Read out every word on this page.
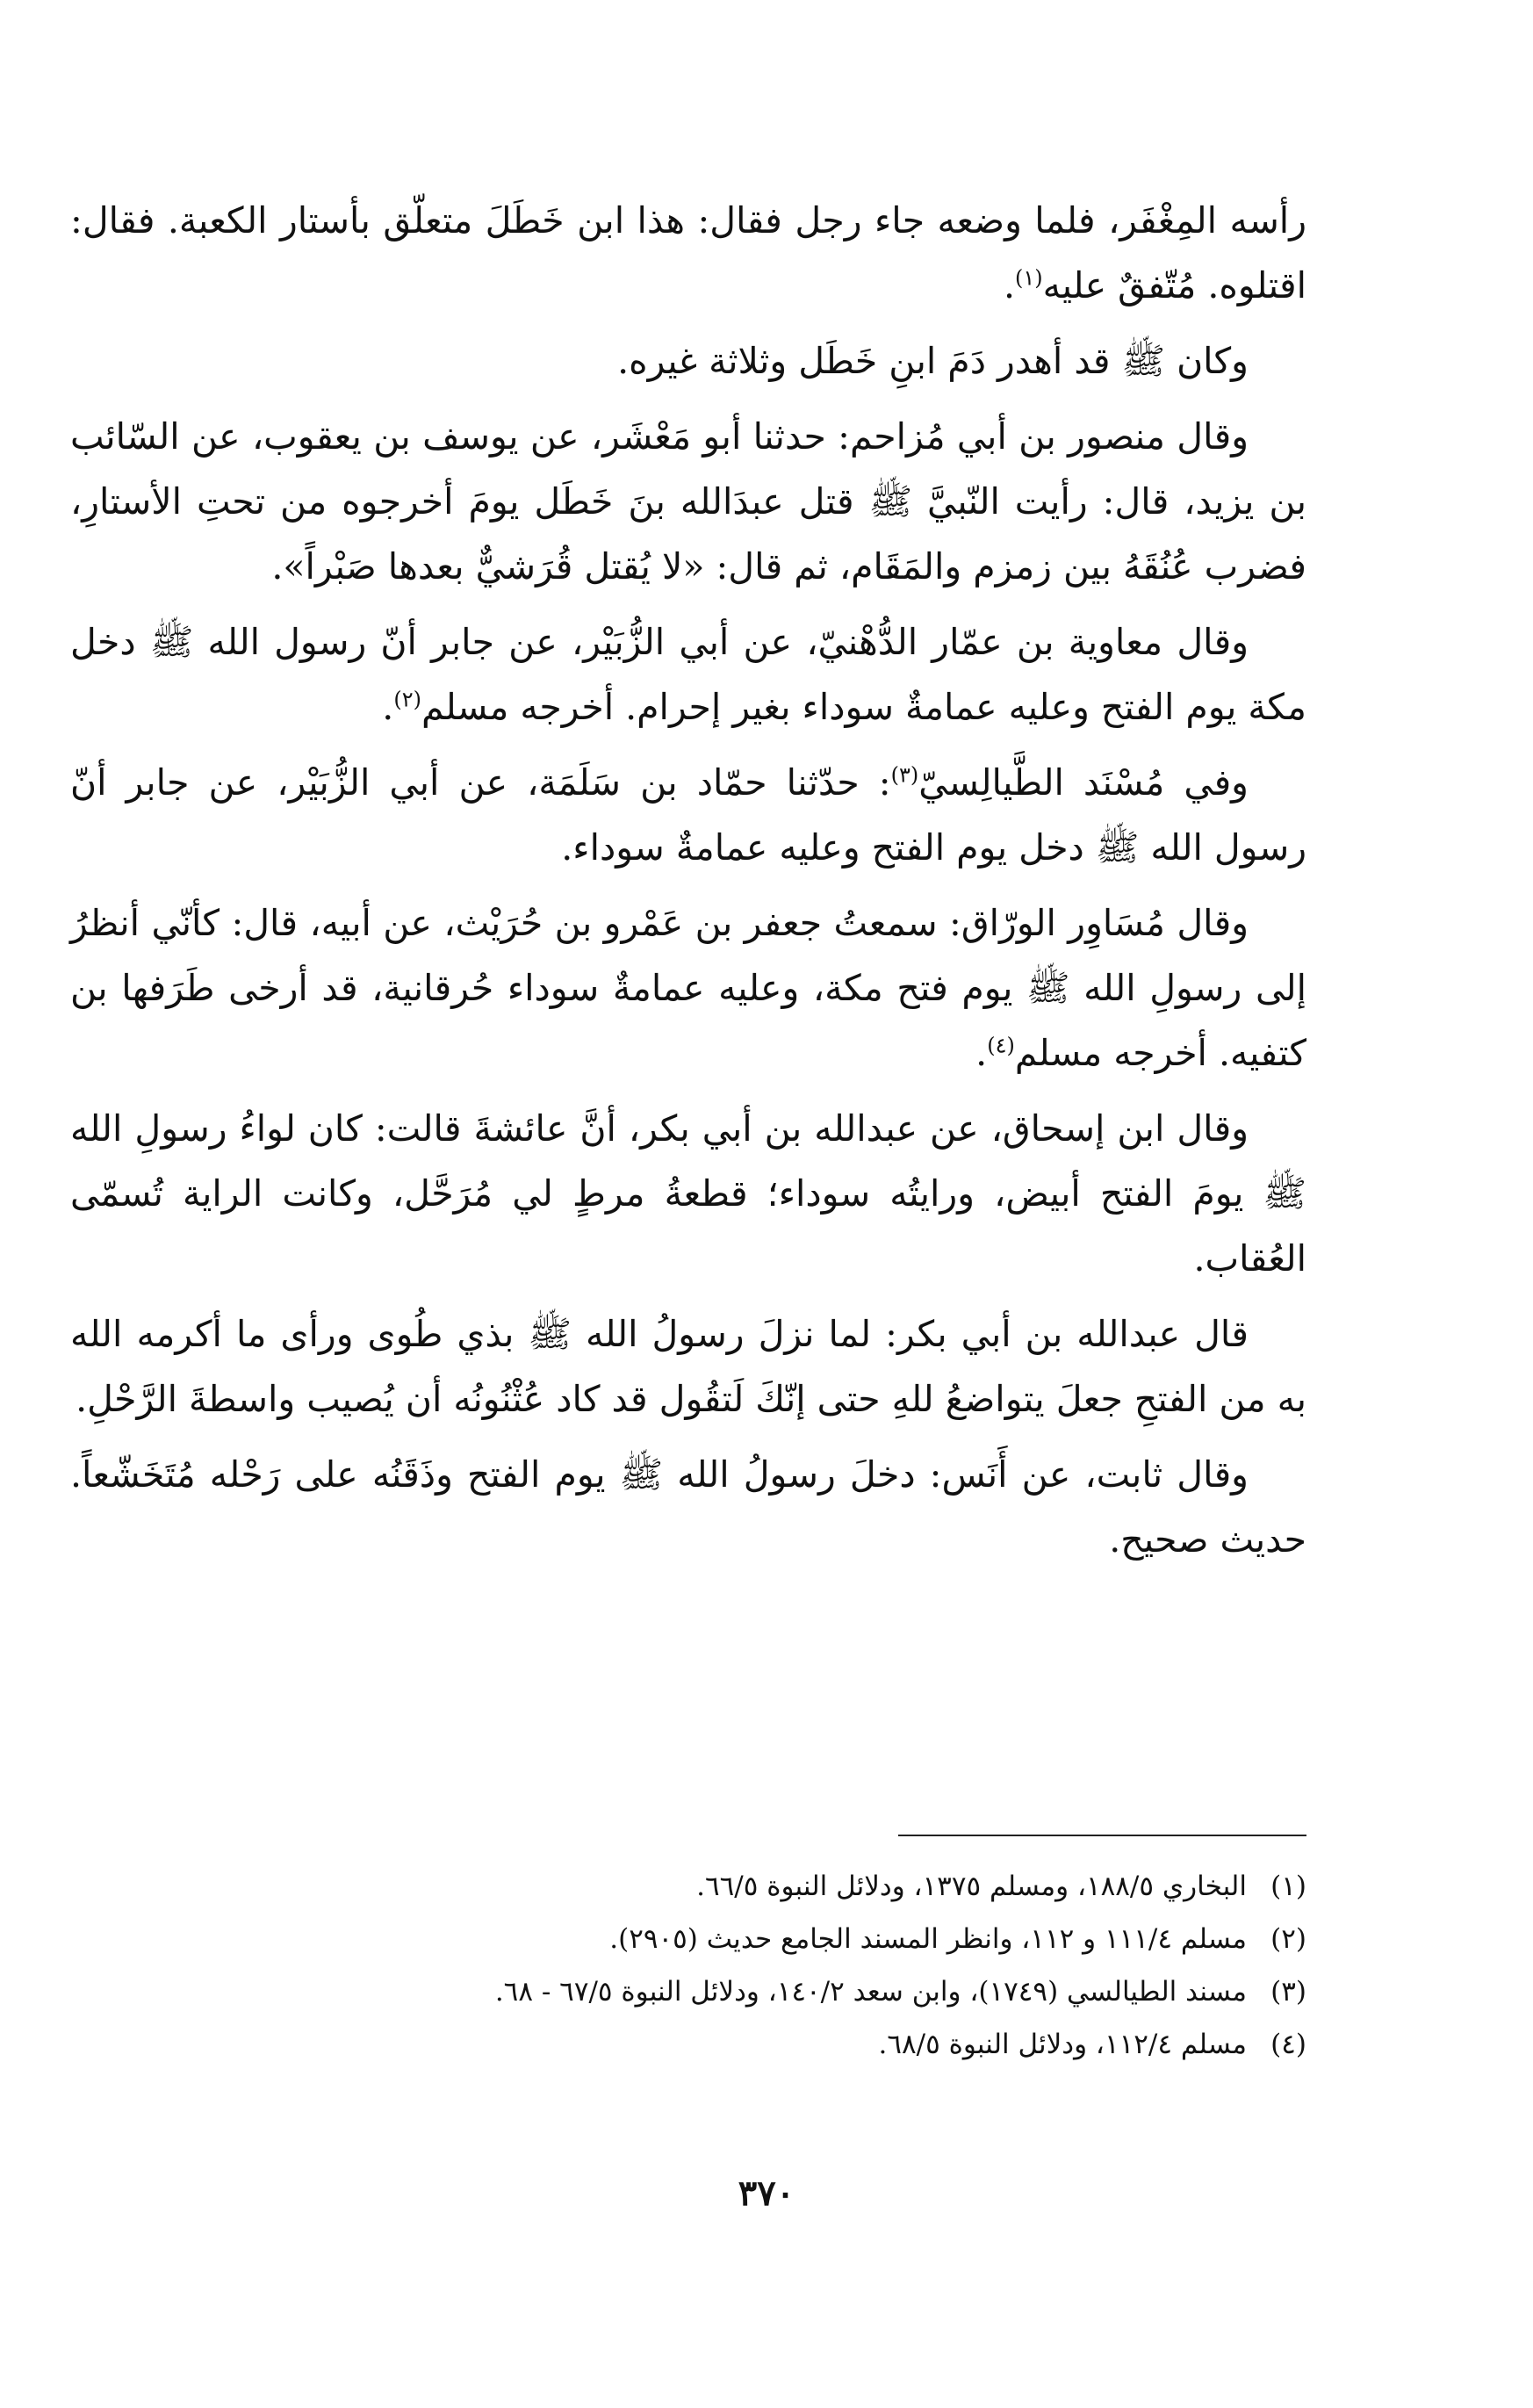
رأسه المِغْفَر، فلما وضعه جاء رجل فقال: هذا ابن خَطَلَ متعلّق بأستار الكعبة. فقال: اقتلوه. مُتّفقٌ عليه$^{(١)}$.

وكان ﷺ قد أهدر دَمَ ابنِ خَطَل وثلاثة غيره.

وقال منصور بن أبي مُزاحم: حدثنا أبو مَعْشَر، عن يوسف بن يعقوب، عن السّائب بن يزيد، قال: رأيت النّبيَّ ﷺ قتل عبدَالله بنَ خَطَل يومَ أخرجوه من تحتِ الأستارِ، فضرب عُنُقَهُ بين زمزم والمَقَام، ثم قال: «لا يُقتل قُرَشيٌّ بعدها صَبْراً».

وقال معاوية بن عمّار الدُّهْنيّ، عن أبي الزُّبَيْر، عن جابر أنّ رسول الله ﷺ دخل مكة يوم الفتح وعليه عمامةٌ سوداء بغير إحرام. أخرجه مسلم$^{(٢)}$.

وفي مُسْنَد الطَّيالِسيّ$^{(٣)}$: حدّثنا حمّاد بن سَلَمَة، عن أبي الزُّبَيْر، عن جابر أنّ رسول الله ﷺ دخل يوم الفتح وعليه عمامةٌ سوداء.

وقال مُسَاوِر الورّاق: سمعتُ جعفر بن عَمْرو بن حُرَيْث، عن أبيه، قال: كأنّي أنظرُ إلى رسولِ الله ﷺ يوم فتح مكة، وعليه عمامةٌ سوداء حُرقانية، قد أرخى طَرَفها بن كتفيه. أخرجه مسلم$^{(٤)}$.

وقال ابن إسحاق، عن عبدالله بن أبي بكر، أنَّ عائشةَ قالت: كان لواءُ رسولِ الله ﷺ يومَ الفتح أبيض، ورايتُه سوداء؛ قطعةُ مرطٍ لي مُرَحَّل، وكانت الراية تُسمّى العُقاب.

قال عبدالله بن أبي بكر: لما نزلَ رسولُ الله ﷺ بذي طُوى ورأى ما أكرمه الله به من الفتحِ جعلَ يتواضعُ للهِ حتى إنّكَ لَتقُول قد كاد عُثْنُونُه أن يُصيب واسطةَ الرَّحْلِ.

وقال ثابت، عن أَنَس: دخلَ رسولُ الله ﷺ يوم الفتح وذَقَنُه على رَحْله مُتَخَشّعاً. حديث صحيح.

(١)
البخاري ١٨٨/٥، ومسلم ١٣٧٥، ودلائل النبوة ٦٦/٥.
(٢)
مسلم ١١١/٤ و ١١٢، وانظر المسند الجامع حديث (٢٩٠٥).
(٣)
مسند الطيالسي (١٧٤٩)، وابن سعد ١٤٠/٢، ودلائل النبوة ٦٧/٥ - ٦٨.
(٤)
مسلم ١١٢/٤، ودلائل النبوة ٦٨/٥.
٣٧٠
